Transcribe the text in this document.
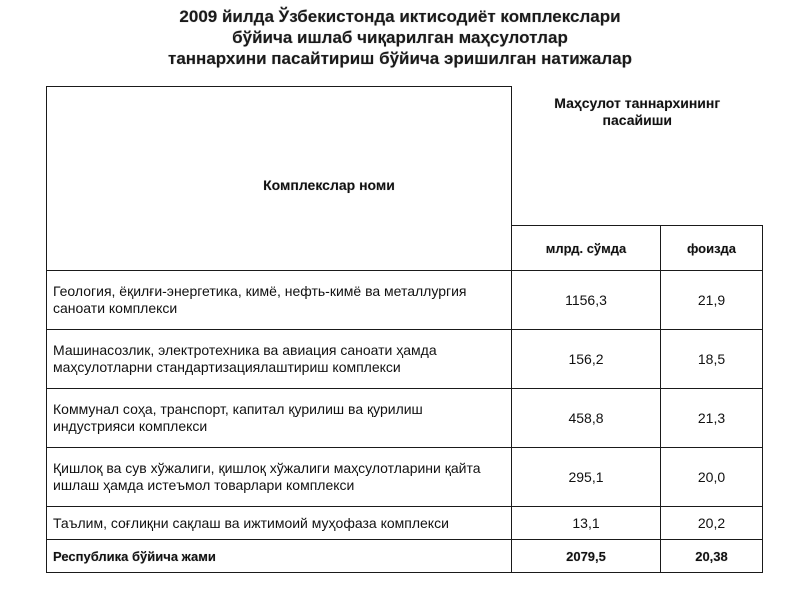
2009 йилда Ўзбекистонда иктисодиёт комплекслари
бўйича ишлаб чиқарилган маҳсулотлар
таннархини пасайтириш бўйича эришилган натижалар
Комплекслар номи	Маҳсулот таннархининг
пасайиши	

	млрд. сўмда	фоизда

Геология, ёқилғи-энергетика, кимё, нефть-кимё ва металлургия
саноати комплекси	1156,3	21,9

Машинасозлик, электротехника ва авиация саноати ҳамда
маҳсулотларни стандартизациялаштириш комплекси	156,2	18,5

Коммунал соҳа, транспорт, капитал қурилиш ва қурилиш
индустрияси комплекси	458,8	21,3

Қишлоқ ва сув хўжалиги, қишлоқ хўжалиги маҳсулотларини қайта
ишлаш ҳамда истеъмол товарлари комплекси	295,1	20,0

Таълим, соғлиқни сақлаш ва ижтимоий муҳофаза комплекси	13,1	20,2
Республика бўйича жами	2079,5	20,38
